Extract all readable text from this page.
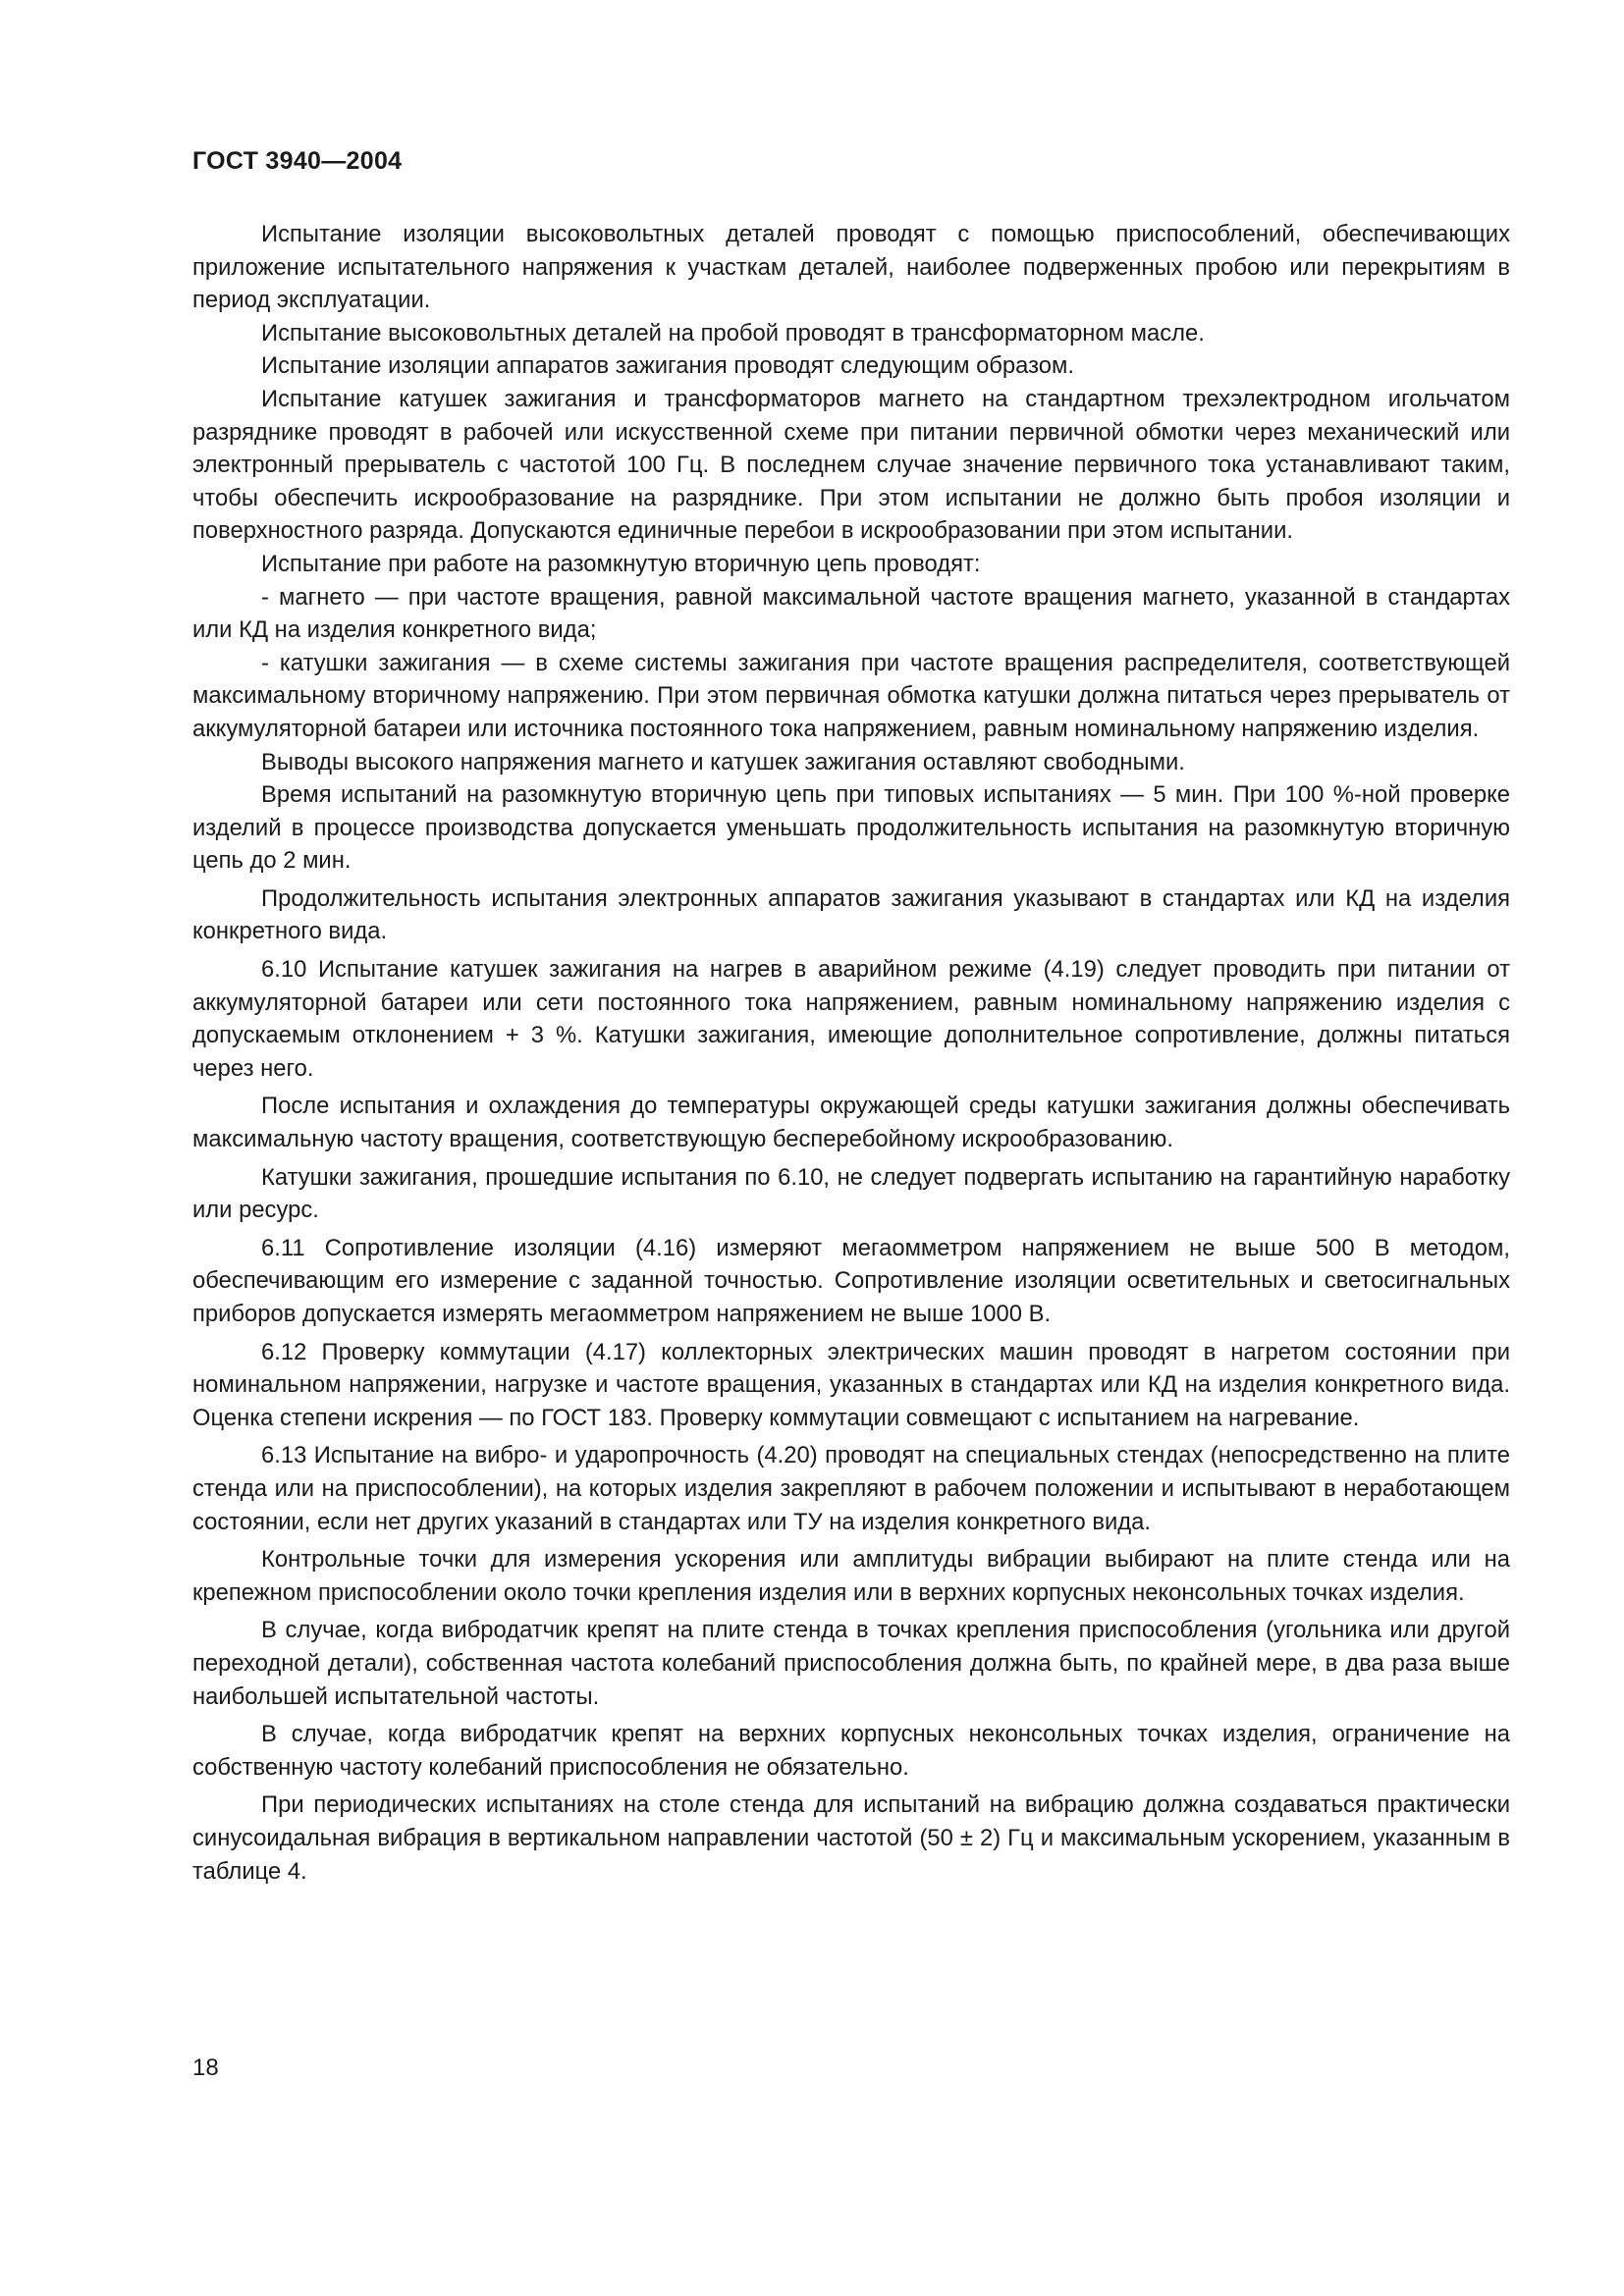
ГОСТ 3940—2004

Испытание изоляции высоковольтных деталей проводят с помощью приспособлений, обеспечивающих приложение испытательного напряжения к участкам деталей, наиболее подверженных пробою или перекрытиям в период эксплуатации.

Испытание высоковольтных деталей на пробой проводят в трансформаторном масле.

Испытание изоляции аппаратов зажигания проводят следующим образом.

Испытание катушек зажигания и трансформаторов магнето на стандартном трехэлектродном игольчатом разряднике проводят в рабочей или искусственной схеме при питании первичной обмотки через механический или электронный прерыватель с частотой 100 Гц. В последнем случае значение первичного тока устанавливают таким, чтобы обеспечить искрообразование на разряднике. При этом испытании не должно быть пробоя изоляции и поверхностного разряда. Допускаются единичные перебои в искрообразовании при этом испытании.

Испытание при работе на разомкнутую вторичную цепь проводят:

- магнето — при частоте вращения, равной максимальной частоте вращения магнето, указанной в стандартах или КД на изделия конкретного вида;

- катушки зажигания — в схеме системы зажигания при частоте вращения распределителя, соответствующей максимальному вторичному напряжению. При этом первичная обмотка катушки должна питаться через прерыватель от аккумуляторной батареи или источника постоянного тока напряжением, равным номинальному напряжению изделия.

Выводы высокого напряжения магнето и катушек зажигания оставляют свободными.

Время испытаний на разомкнутую вторичную цепь при типовых испытаниях — 5 мин. При 100 %-ной проверке изделий в процессе производства допускается уменьшать продолжительность испытания на разомкнутую вторичную цепь до 2 мин.

Продолжительность испытания электронных аппаратов зажигания указывают в стандартах или КД на изделия конкретного вида.

6.10 Испытание катушек зажигания на нагрев в аварийном режиме (4.19) следует проводить при питании от аккумуляторной батареи или сети постоянного тока напряжением, равным номинальному напряжению изделия с допускаемым отклонением + 3 %. Катушки зажигания, имеющие дополнительное сопротивление, должны питаться через него.

После испытания и охлаждения до температуры окружающей среды катушки зажигания должны обеспечивать максимальную частоту вращения, соответствующую бесперебойному искрообразованию.

Катушки зажигания, прошедшие испытания по 6.10, не следует подвергать испытанию на гарантийную наработку или ресурс.

6.11 Сопротивление изоляции (4.16) измеряют мегаомметром напряжением не выше 500 В методом, обеспечивающим его измерение с заданной точностью. Сопротивление изоляции осветительных и светосигнальных приборов допускается измерять мегаомметром напряжением не выше 1000 В.

6.12 Проверку коммутации (4.17) коллекторных электрических машин проводят в нагретом состоянии при номинальном напряжении, нагрузке и частоте вращения, указанных в стандартах или КД на изделия конкретного вида. Оценка степени искрения — по ГОСТ 183. Проверку коммутации совмещают с испытанием на нагревание.

6.13 Испытание на вибро- и ударопрочность (4.20) проводят на специальных стендах (непосредственно на плите стенда или на приспособлении), на которых изделия закрепляют в рабочем положении и испытывают в неработающем состоянии, если нет других указаний в стандартах или ТУ на изделия конкретного вида.

Контрольные точки для измерения ускорения или амплитуды вибрации выбирают на плите стенда или на крепежном приспособлении около точки крепления изделия или в верхних корпусных неконсольных точках изделия.

В случае, когда вибродатчик крепят на плите стенда в точках крепления приспособления (угольника или другой переходной детали), собственная частота колебаний приспособления должна быть, по крайней мере, в два раза выше наибольшей испытательной частоты.

В случае, когда вибродатчик крепят на верхних корпусных неконсольных точках изделия, ограничение на собственную частоту колебаний приспособления не обязательно.

При периодических испытаниях на столе стенда для испытаний на вибрацию должна создаваться практически синусоидальная вибрация в вертикальном направлении частотой (50 ± 2) Гц и максимальным ускорением, указанным в таблице 4.

18
